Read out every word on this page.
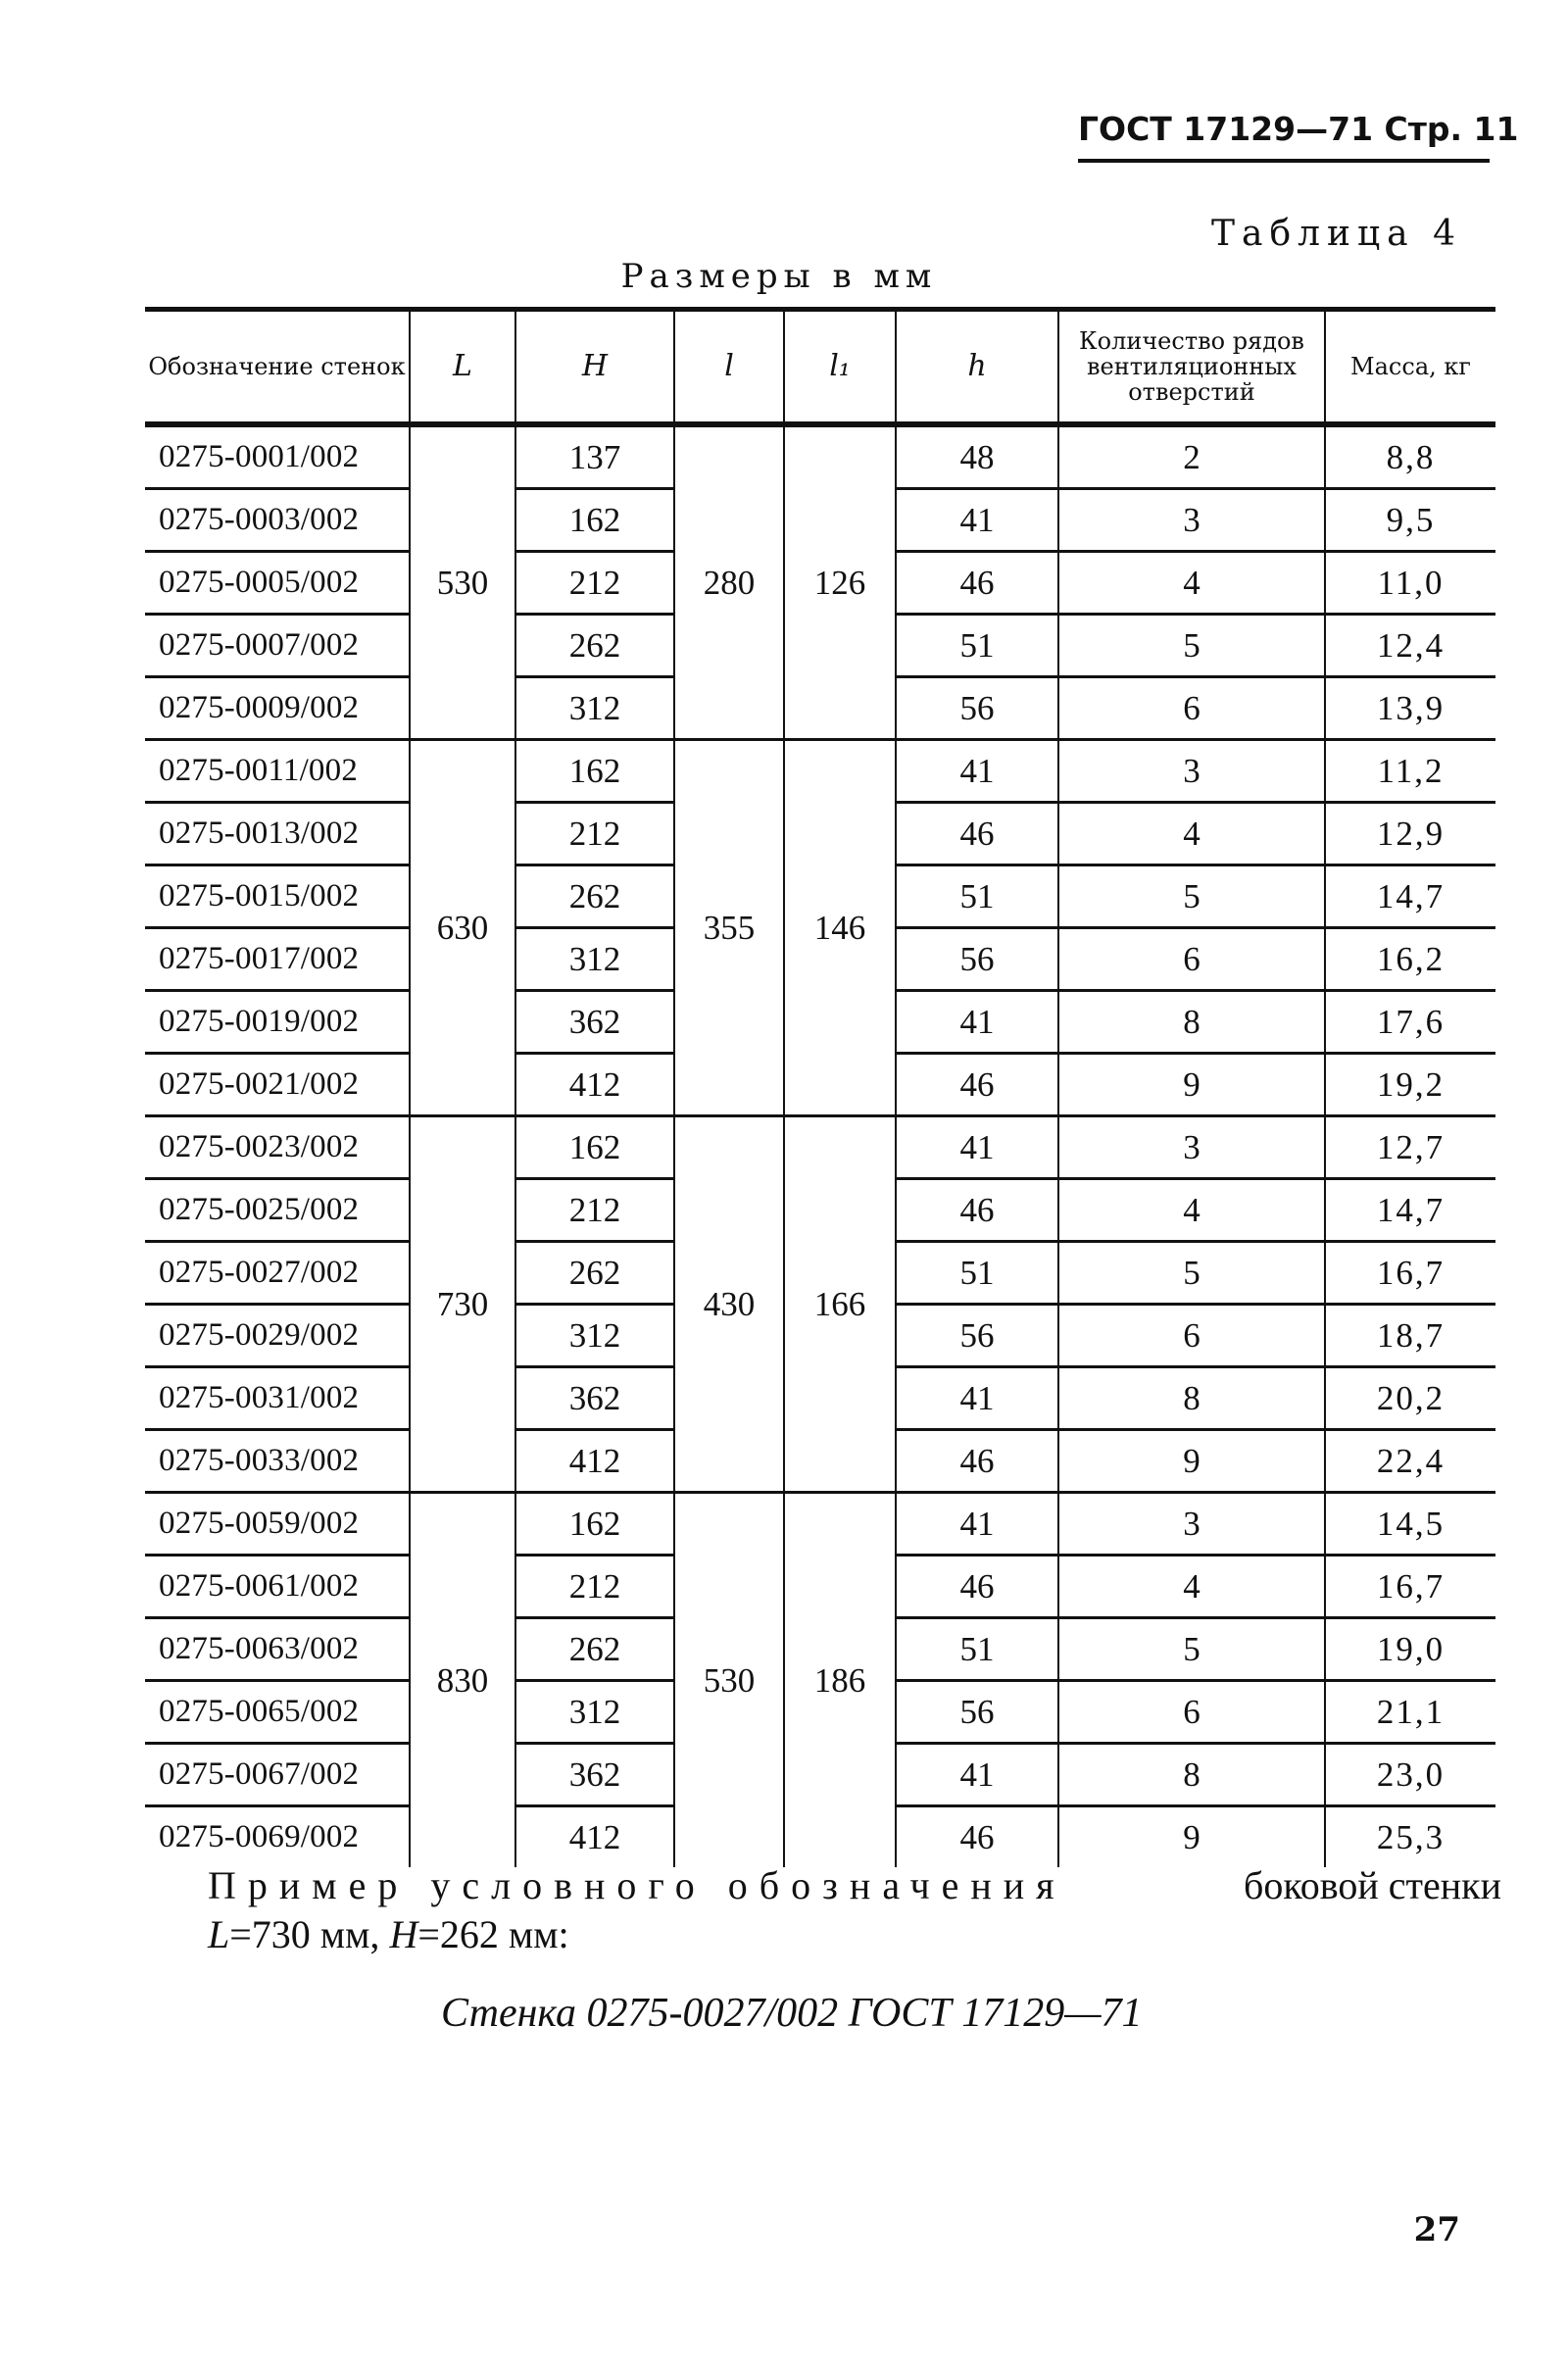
ГОСТ 17129—71 Стр. 11
Таблица 4
Размеры в мм
Обозначение стенок	L	H	l	l₁	h	Количество рядов вентиляционных отверстий	Масса, кг
0275-0001/002	530	137	280	126	48	2	8,8
0275-0003/002		162			41	3	9,5
0275-0005/002		212			46	4	11,0
0275-0007/002		262			51	5	12,4
0275-0009/002		312			56	6	13,9
0275-0011/002	630	162	355	146	41	3	11,2
0275-0013/002		212			46	4	12,9
0275-0015/002		262			51	5	14,7
0275-0017/002		312			56	6	16,2
0275-0019/002		362			41	8	17,6
0275-0021/002		412			46	9	19,2
0275-0023/002	730	162	430	166	41	3	12,7
0275-0025/002		212			46	4	14,7
0275-0027/002		262			51	5	16,7
0275-0029/002		312			56	6	18,7
0275-0031/002		362			41	8	20,2
0275-0033/002		412			46	9	22,4
0275-0059/002	830	162	530	186	41	3	14,5
0275-0061/002		212			46	4	16,7
0275-0063/002		262			51	5	19,0
0275-0065/002		312			56	6	21,1
0275-0067/002		362			41	8	23,0
0275-0069/002		412			46	9	25,3
Пример условного обозначения	боковой стенки
L=730 мм, H=262 мм:
Стенка 0275-0027/002 ГОСТ 17129—71
27
